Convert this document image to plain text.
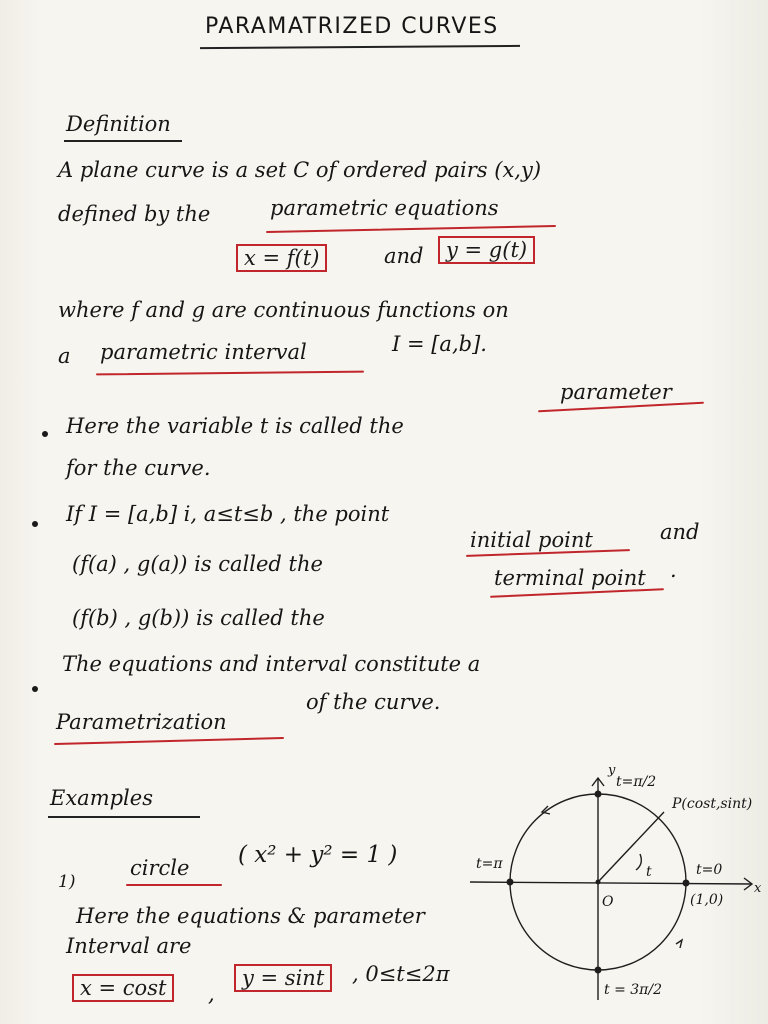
PARAMATRIZED CURVES
Definition
A plane curve is a set C of ordered pairs (x,y)
defined by the	parametric equations
x = f(t)	and	y = g(t)
where f and g are continuous functions on
a parametric interval	I = [a,b].
Here the variable t is called the
parameter
for the curve.
If I = [a,b] i, a≤t≤b , the point
(f(a) , g(a)) is called the
initial point	and
(f(b) , g(b)) is called the
terminal point .
The equations and interval constitute a
Parametrization
of the curve.
Examples
1)
circle ( x² + y² = 1 )
Here the equations & parameter
Interval are
x = cost	,
y = sint	, 0≤t≤2π
y
x
t=π/2
t=π	t=0
(1,0)
O
P(cost,sint)
t
t = 3π/2
